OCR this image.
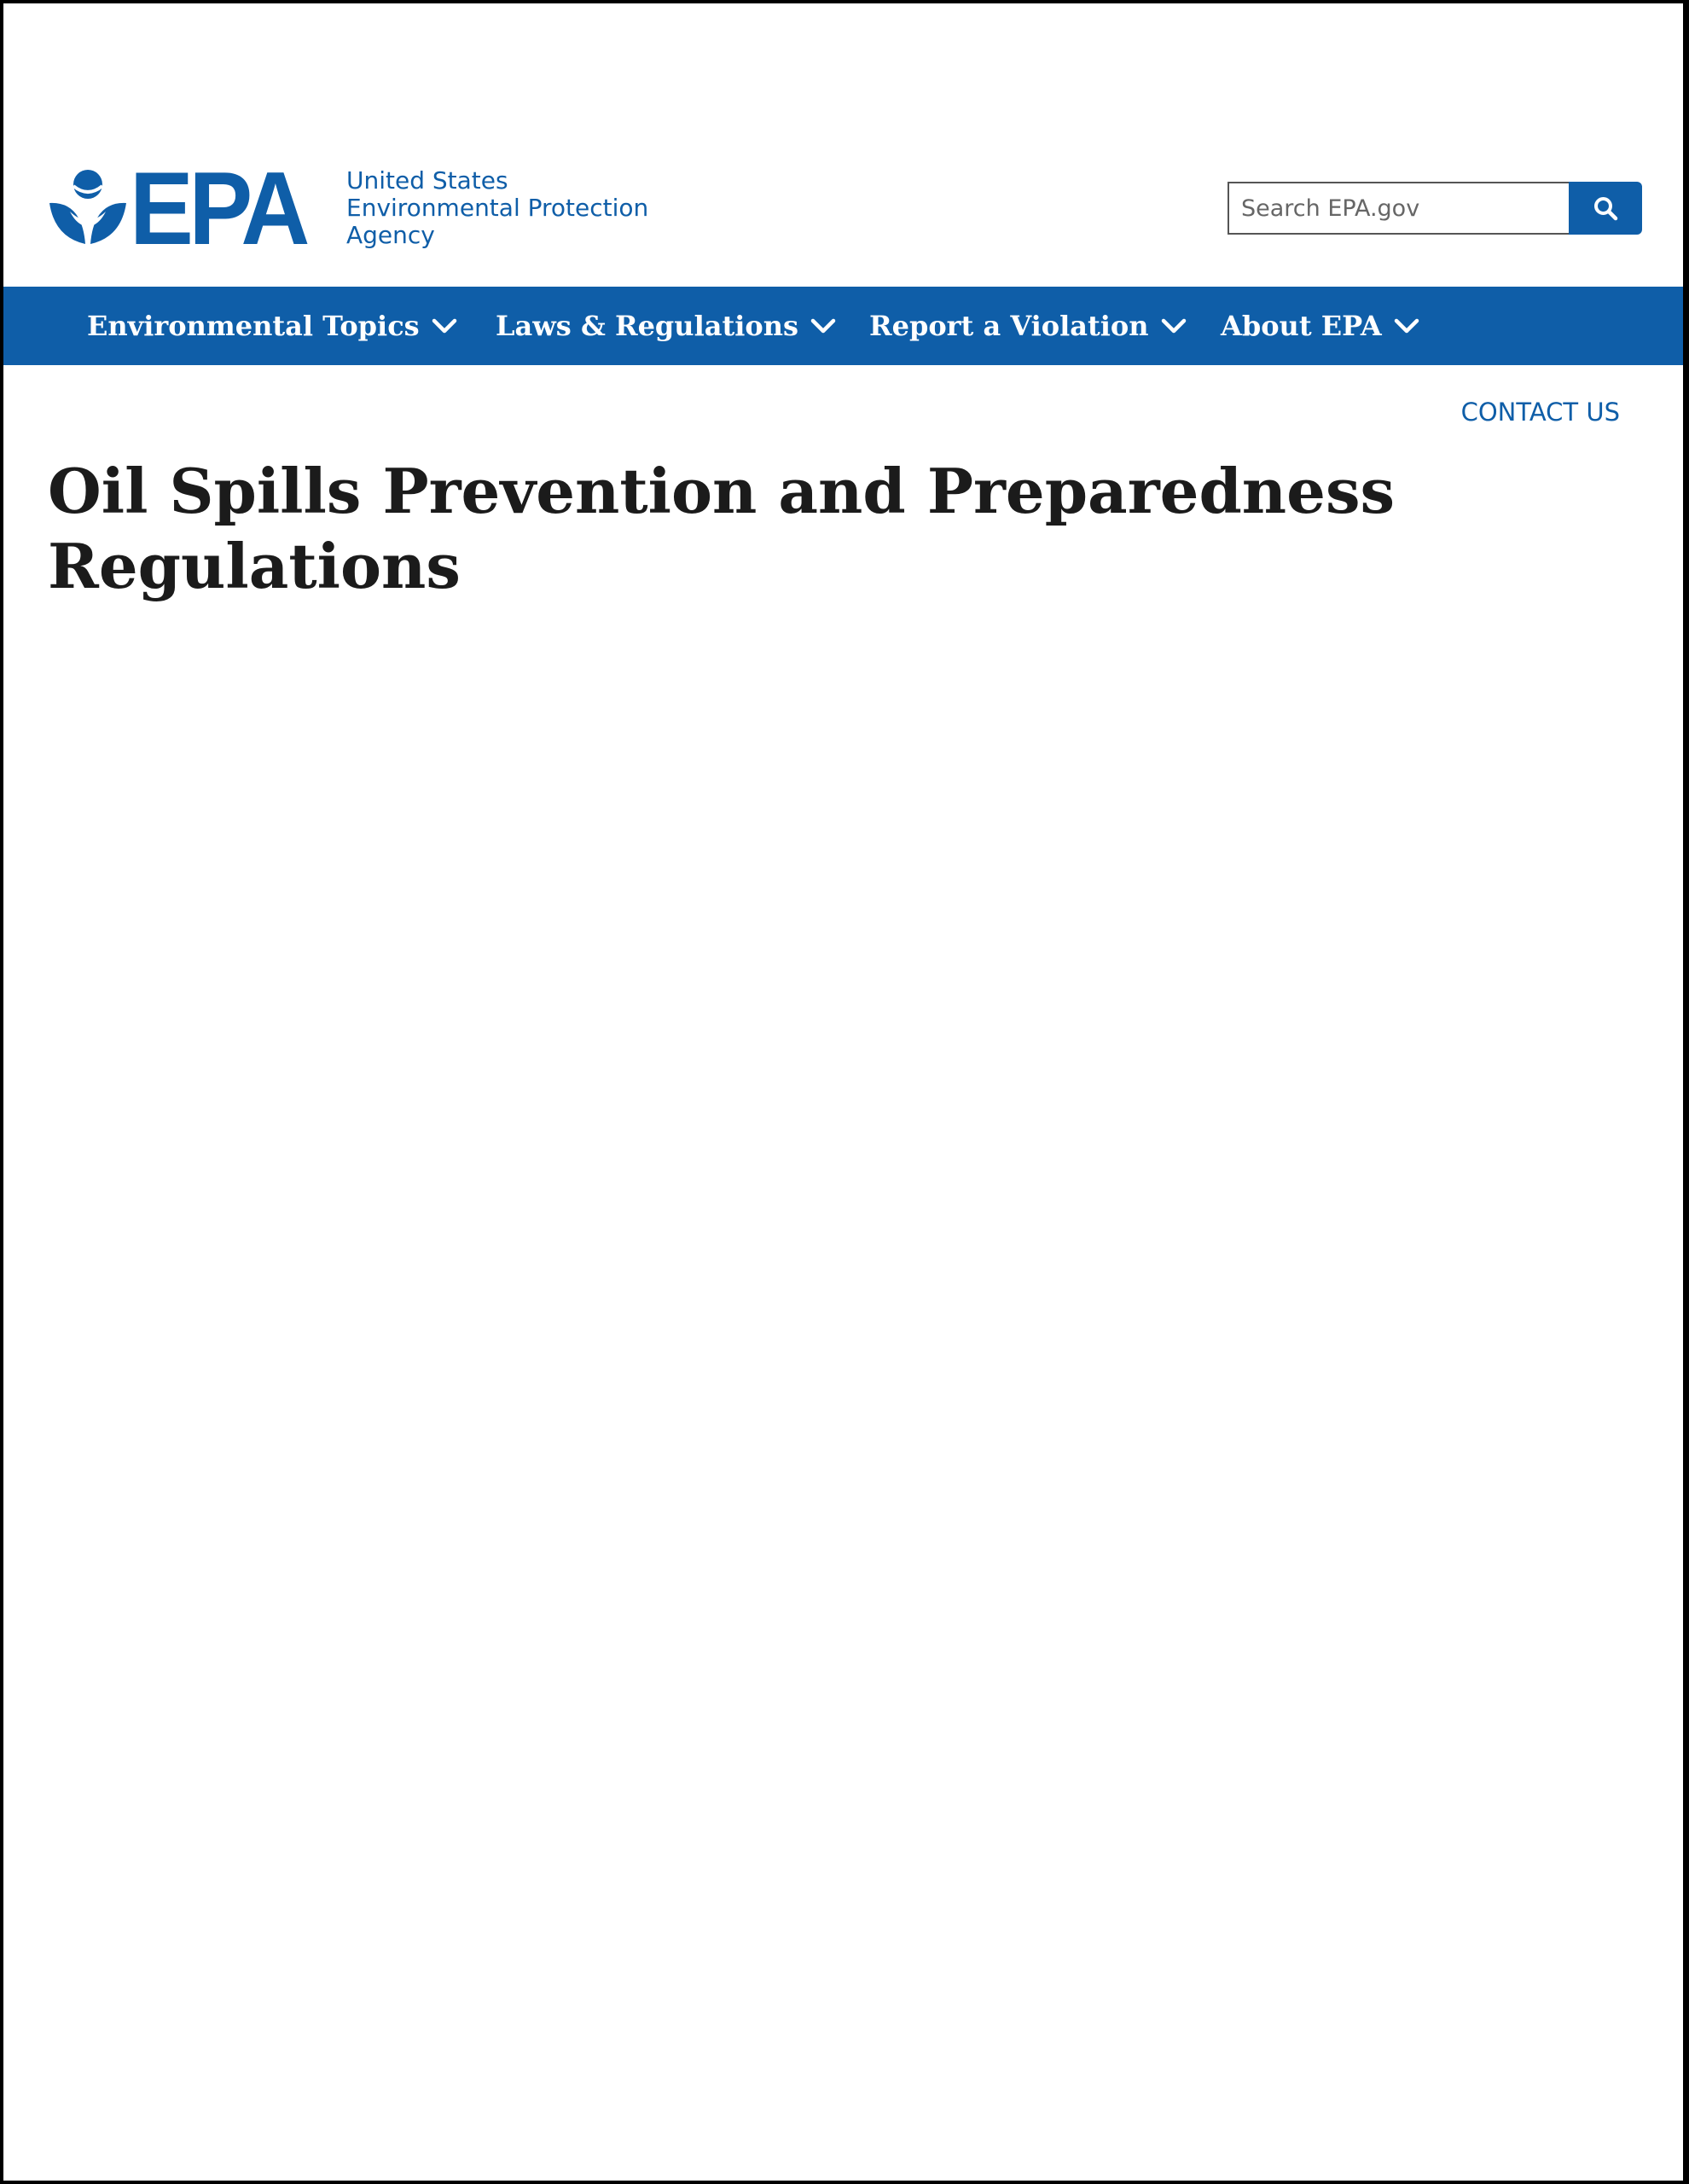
EPA	United States
Environmental Protection
Agency
Search EPA.gov
Environmental Topics	Laws & Regulations	Report a Violation	About EPA
CONTACT US
Oil Spills Prevention and Preparedness Regulations
